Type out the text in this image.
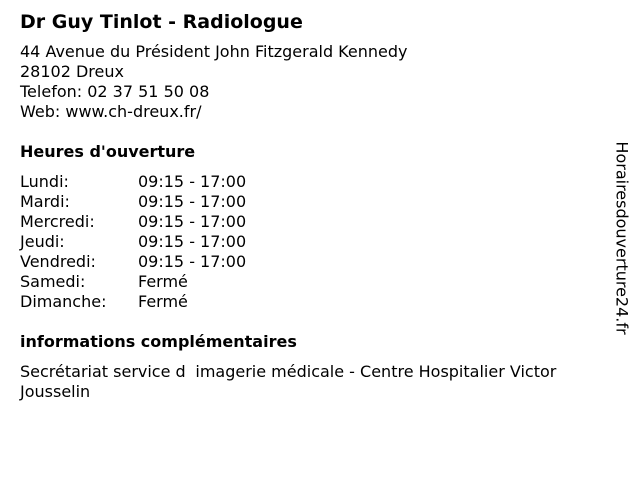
Dr Guy Tinlot - Radiologue
44 Avenue du Président John Fitzgerald Kennedy
28102 Dreux
Telefon: 02 37 51 50 08
Web: www.ch-dreux.fr/
Heures d'ouverture
Lundi:	09:15 - 17:00
Mardi:	09:15 - 17:00
Mercredi:	09:15 - 17:00
Jeudi:	09:15 - 17:00
Vendredi:	09:15 - 17:00
Samedi:	Fermé
Dimanche:	Fermé
informations complémentaires
Secrétariat service dimagerie médicale - Centre Hospitalier Victor Jousselin
Horairesdouverture24.fr
